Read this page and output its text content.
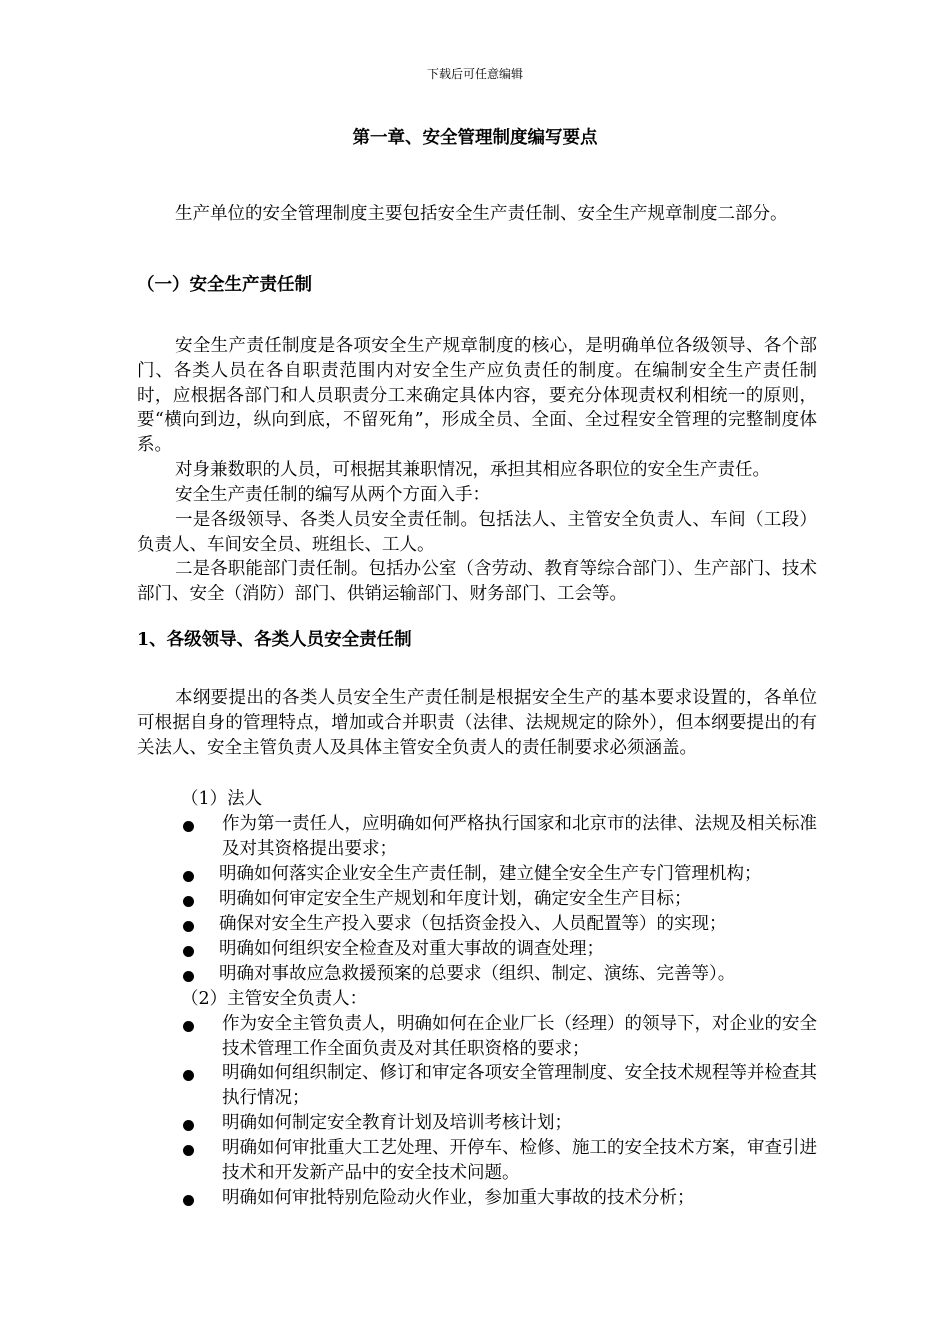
下载后可任意编辑
第一章、安全管理制度编写要点
生产单位的安全管理制度主要包括安全生产责任制、安全生产规章制度二部分。
（一）安全生产责任制
安全生产责任制度是各项安全生产规章制度的核心，是明确单位各级领导、各个部门、各类人员在各自职责范围内对安全生产应负责任的制度。在编制安全生产责任制时，应根据各部门和人员职责分工来确定具体内容，要充分体现责权利相统一的原则，要“横向到边，纵向到底，不留死角”，形成全员、全面、全过程安全管理的完整制度体系。
对身兼数职的人员，可根据其兼职情况，承担其相应各职位的安全生产责任。
安全生产责任制的编写从两个方面入手：
一是各级领导、各类人员安全责任制。包括法人、主管安全负责人、车间（工段）负责人、车间安全员、班组长、工人。
二是各职能部门责任制。包括办公室（含劳动、教育等综合部门）、生产部门、技术部门、安全（消防）部门、供销运输部门、财务部门、工会等。
1、各级领导、各类人员安全责任制
本纲要提出的各类人员安全生产责任制是根据安全生产的基本要求设置的，各单位可根据自身的管理特点，增加或合并职责（法律、法规规定的除外），但本纲要提出的有关法人、安全主管负责人及具体主管安全负责人的责任制要求必须涵盖。
（1）法人
作为第一责任人，应明确如何严格执行国家和北京市的法律、法规及相关标准及对其资格提出要求；
明确如何落实企业安全生产责任制，建立健全安全生产专门管理机构；
明确如何审定安全生产规划和年度计划，确定安全生产目标；
确保对安全生产投入要求（包括资金投入、人员配置等）的实现；
明确如何组织安全检查及对重大事故的调查处理；
明确对事故应急救援预案的总要求（组织、制定、演练、完善等）。
（2）主管安全负责人：
作为安全主管负责人，明确如何在企业厂长（经理）的领导下，对企业的安全技术管理工作全面负责及对其任职资格的要求；
明确如何组织制定、修订和审定各项安全管理制度、安全技术规程等并检查其执行情况；
明确如何制定安全教育计划及培训考核计划；
明确如何审批重大工艺处理、开停车、检修、施工的安全技术方案，审查引进技术和开发新产品中的安全技术问题。
明确如何审批特别危险动火作业，参加重大事故的技术分析；
